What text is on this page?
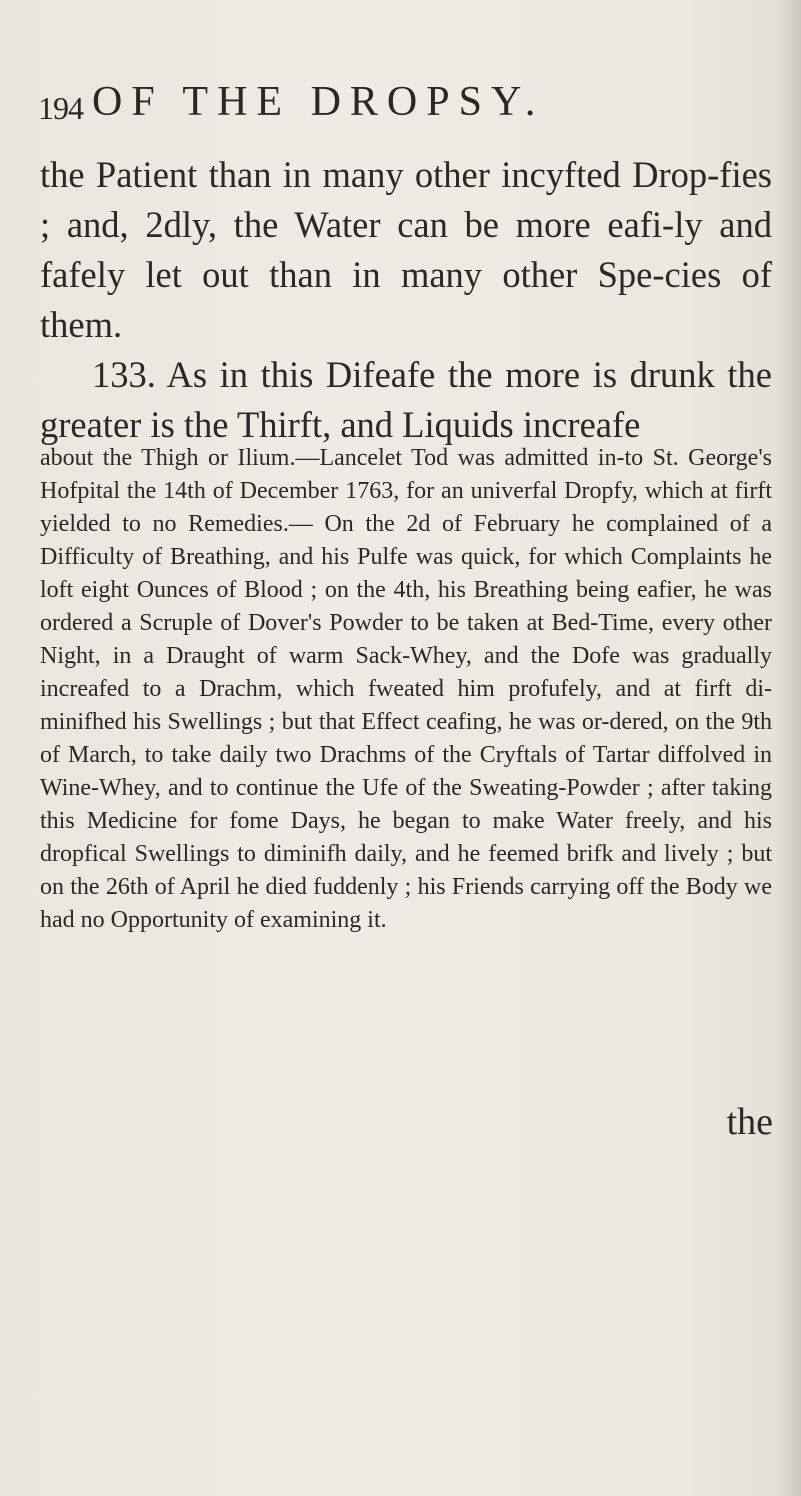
194 OF THE DROPSY.

the Patient than in many other incyfted Drop-fies ; and, 2dly, the Water can be more eafi-ly and fafely let out than in many other Spe-cies of them.

133. As in this Difeafe the more is drunk the greater is the Thirft, and Liquids increafe

about the Thigh or Ilium.—Lancelet Tod was admitted in-to St. George's Hofpital the 14th of December 1763, for an univerfal Dropfy, which at firft yielded to no Remedies.— On the 2d of February he complained of a Difficulty of Breathing, and his Pulfe was quick, for which Complaints he loft eight Ounces of Blood ; on the 4th, his Breathing being eafier, he was ordered a Scruple of Dover's Powder to be taken at Bed-Time, every other Night, in a Draught of warm Sack-Whey, and the Dofe was gradually increafed to a Drachm, which fweated him profufely, and at firft di-minifhed his Swellings ; but that Effect ceafing, he was or-dered, on the 9th of March, to take daily two Drachms of the Cryftals of Tartar diffolved in Wine-Whey, and to continue the Ufe of the Sweating-Powder ; after taking this Medicine for fome Days, he began to make Water freely, and his dropfical Swellings to diminifh daily, and he feemed brifk and lively ; but on the 26th of April he died fuddenly ; his Friends carrying off the Body we had no Opportunity of examining it.

the
